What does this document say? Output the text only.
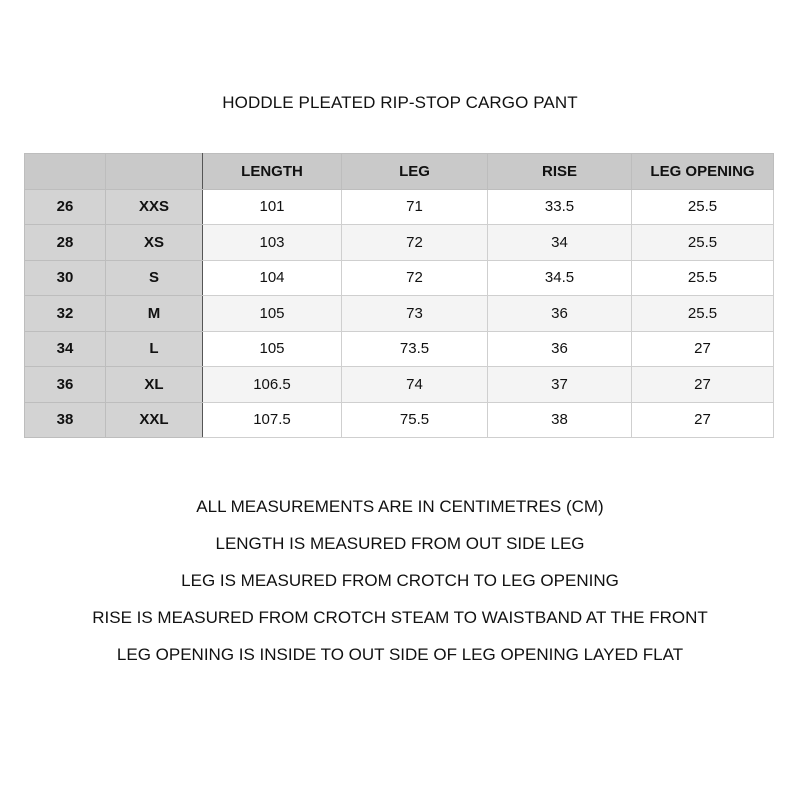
HODDLE PLEATED RIP-STOP CARGO PANT
		LENGTH	LEG	RISE	LEG OPENING
26	XXS	101	71	33.5	25.5
28	XS	103	72	34	25.5
30	S	104	72	34.5	25.5
32	M	105	73	36	25.5
34	L	105	73.5	36	27
36	XL	106.5	74	37	27
38	XXL	107.5	75.5	38	27
ALL MEASUREMENTS ARE IN CENTIMETRES (CM)
LENGTH IS MEASURED FROM OUT SIDE LEG
LEG IS MEASURED FROM CROTCH TO LEG OPENING
RISE IS MEASURED FROM CROTCH STEAM TO WAISTBAND AT THE FRONT
LEG OPENING IS INSIDE TO OUT SIDE OF LEG OPENING LAYED FLAT
